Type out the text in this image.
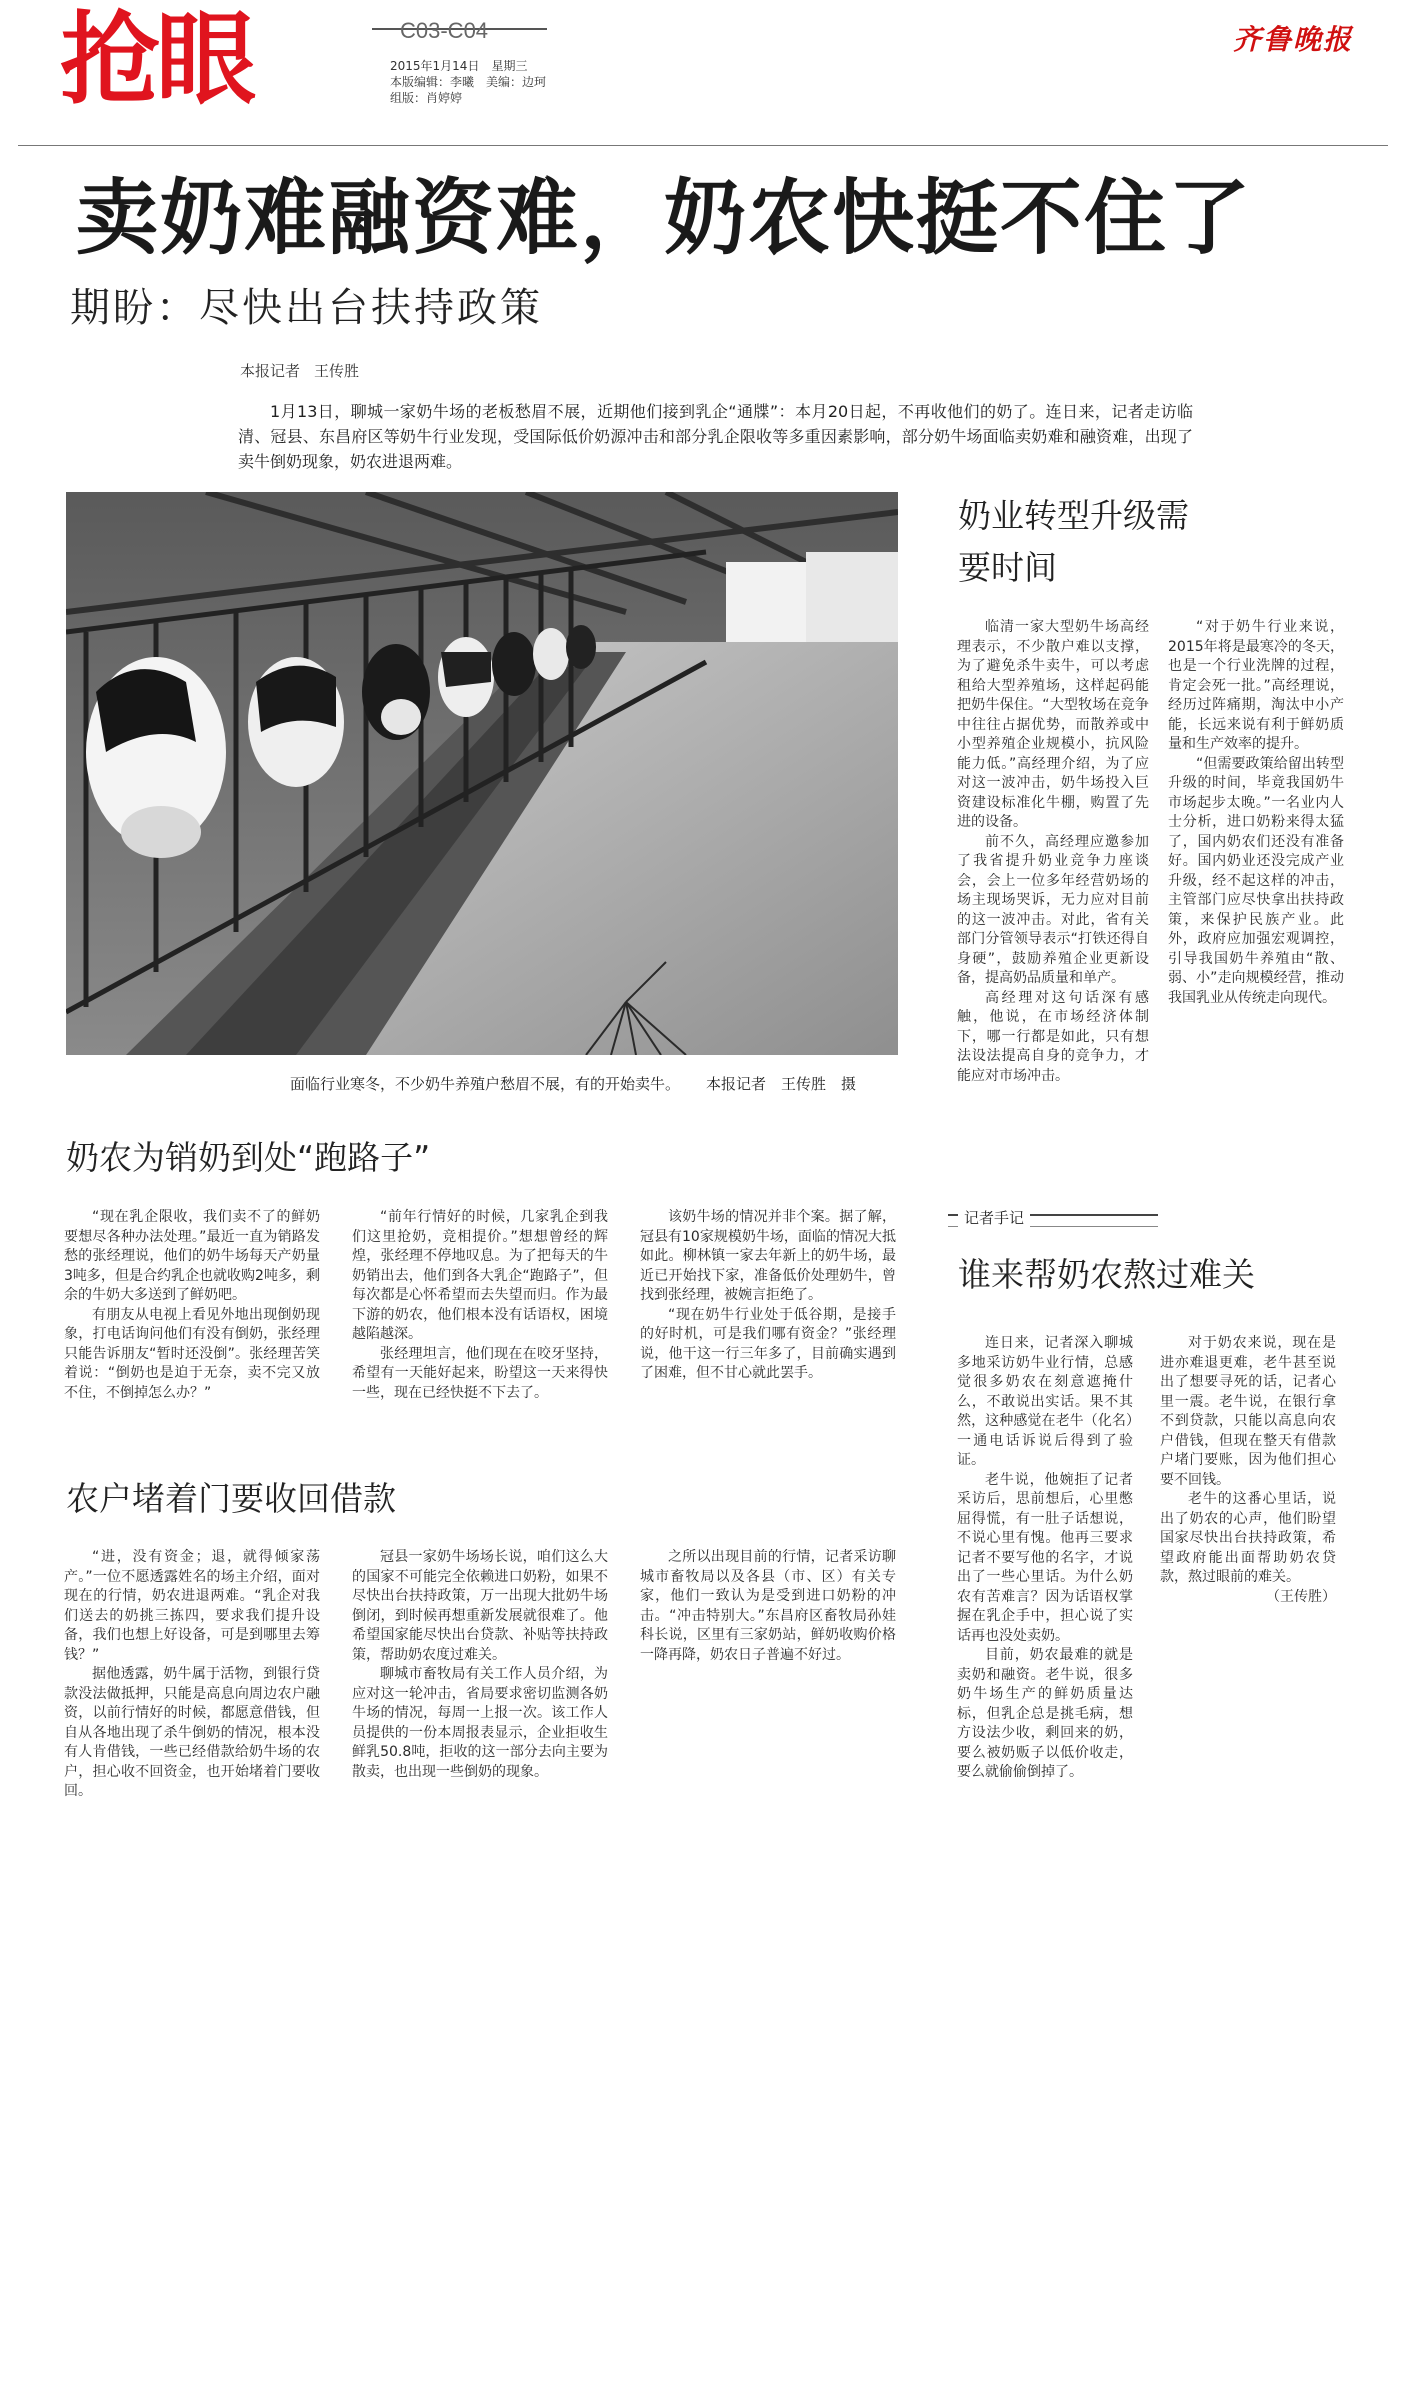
抢眼	C03-C04
2015年1月14日　星期三
本版编辑：李曦　美编：边珂
组版：肖婷婷
齐鲁晚报
卖奶难融资难，奶农快挺不住了
期盼：尽快出台扶持政策
本报记者 王传胜
1月13日，聊城一家奶牛场的老板愁眉不展，近期他们接到乳企“通牒”：本月20日起，不再收他们的奶了。连日来，记者走访临清、冠县、东昌府区等奶牛行业发现，受国际低价奶源冲击和部分乳企限收等多重因素影响，部分奶牛场面临卖奶难和融资难，出现了卖牛倒奶现象，奶农进退两难。
面临行业寒冬，不少奶牛养殖户愁眉不展，有的开始卖牛。 本报记者　王传胜　摄
奶业转型升级需要时间

临清一家大型奶牛场高经理表示，不少散户难以支撑，为了避免杀牛卖牛，可以考虑租给大型养殖场，这样起码能把奶牛保住。“大型牧场在竞争中往往占据优势，而散养或中小型养殖企业规模小，抗风险能力低。”高经理介绍，为了应对这一波冲击，奶牛场投入巨资建设标准化牛棚，购置了先进的设备。

前不久，高经理应邀参加了我省提升奶业竞争力座谈会，会上一位多年经营奶场的场主现场哭诉，无力应对目前的这一波冲击。对此，省有关部门分管领导表示“打铁还得自身硬”，鼓励养殖企业更新设备，提高奶品质量和单产。

高经理对这句话深有感触，他说，在市场经济体制下，哪一行都是如此，只有想法设法提高自身的竞争力，才能应对市场冲击。

“对于奶牛行业来说，2015年将是最寒冷的冬天，也是一个行业洗牌的过程，肯定会死一批。”高经理说，经历过阵痛期，淘汰中小产能，长远来说有利于鲜奶质量和生产效率的提升。

“但需要政策给留出转型升级的时间，毕竟我国奶牛市场起步太晚。”一名业内人士分析，进口奶粉来得太猛了，国内奶农们还没有准备好。国内奶业还没完成产业升级，经不起这样的冲击，主管部门应尽快拿出扶持政策，来保护民族产业。此外，政府应加强宏观调控，引导我国奶牛养殖由“散、弱、小”走向规模经营，推动我国乳业从传统走向现代。

奶农为销奶到处“跑路子”

“现在乳企限收，我们卖不了的鲜奶要想尽各种办法处理。”最近一直为销路发愁的张经理说，他们的奶牛场每天产奶量3吨多，但是合约乳企也就收购2吨多，剩余的牛奶大多送到了鲜奶吧。

有朋友从电视上看见外地出现倒奶现象，打电话询问他们有没有倒奶，张经理只能告诉朋友“暂时还没倒”。张经理苦笑着说：“倒奶也是迫于无奈，卖不完又放不住，不倒掉怎么办？”

“前年行情好的时候，几家乳企到我们这里抢奶，竞相提价。”想想曾经的辉煌，张经理不停地叹息。为了把每天的牛奶销出去，他们到各大乳企“跑路子”，但每次都是心怀希望而去失望而归。作为最下游的奶农，他们根本没有话语权，困境越陷越深。

张经理坦言，他们现在在咬牙坚持，希望有一天能好起来，盼望这一天来得快一些，现在已经快挺不下去了。

该奶牛场的情况并非个案。据了解，冠县有10家规模奶牛场，面临的情况大抵如此。柳林镇一家去年新上的奶牛场，最近已开始找下家，准备低价处理奶牛，曾找到张经理，被婉言拒绝了。

“现在奶牛行业处于低谷期，是接手的好时机，可是我们哪有资金？”张经理说，他干这一行三年多了，目前确实遇到了困难，但不甘心就此罢手。

农户堵着门要收回借款

“进，没有资金；退，就得倾家荡产。”一位不愿透露姓名的场主介绍，面对现在的行情，奶农进退两难。“乳企对我们送去的奶挑三拣四，要求我们提升设备，我们也想上好设备，可是到哪里去筹钱？”

据他透露，奶牛属于活物，到银行贷款没法做抵押，只能是高息向周边农户融资，以前行情好的时候，都愿意借钱，但自从各地出现了杀牛倒奶的情况，根本没有人肯借钱，一些已经借款给奶牛场的农户，担心收不回资金，也开始堵着门要收回。

冠县一家奶牛场场长说，咱们这么大的国家不可能完全依赖进口奶粉，如果不尽快出台扶持政策，万一出现大批奶牛场倒闭，到时候再想重新发展就很难了。他希望国家能尽快出台贷款、补贴等扶持政策，帮助奶农度过难关。

聊城市畜牧局有关工作人员介绍，为应对这一轮冲击，省局要求密切监测各奶牛场的情况，每周一上报一次。该工作人员提供的一份本周报表显示，企业拒收生鲜乳50.8吨，拒收的这一部分去向主要为散卖，也出现一些倒奶的现象。

之所以出现目前的行情，记者采访聊城市畜牧局以及各县（市、区）有关专家，他们一致认为是受到进口奶粉的冲击。“冲击特别大。”东昌府区畜牧局孙娃科长说，区里有三家奶站，鲜奶收购价格一降再降，奶农日子普遍不好过。

记者手记
谁来帮奶农熬过难关

连日来，记者深入聊城多地采访奶牛业行情，总感觉很多奶农在刻意遮掩什么，不敢说出实话。果不其然，这种感觉在老牛（化名）一通电话诉说后得到了验证。

老牛说，他婉拒了记者采访后，思前想后，心里憋屈得慌，有一肚子话想说，不说心里有愧。他再三要求记者不要写他的名字，才说出了一些心里话。为什么奶农有苦难言？因为话语权掌握在乳企手中，担心说了实话再也没处卖奶。

目前，奶农最难的就是卖奶和融资。老牛说，很多奶牛场生产的鲜奶质量达标，但乳企总是挑毛病，想方设法少收，剩回来的奶，要么被奶贩子以低价收走，要么就偷偷倒掉了。

对于奶农来说，现在是进亦难退更难，老牛甚至说出了想要寻死的话，记者心里一震。老牛说，在银行拿不到贷款，只能以高息向农户借钱，但现在整天有借款户堵门要账，因为他们担心要不回钱。

老牛的这番心里话，说出了奶农的心声，他们盼望国家尽快出台扶持政策，希望政府能出面帮助奶农贷款，熬过眼前的难关。

（王传胜）
